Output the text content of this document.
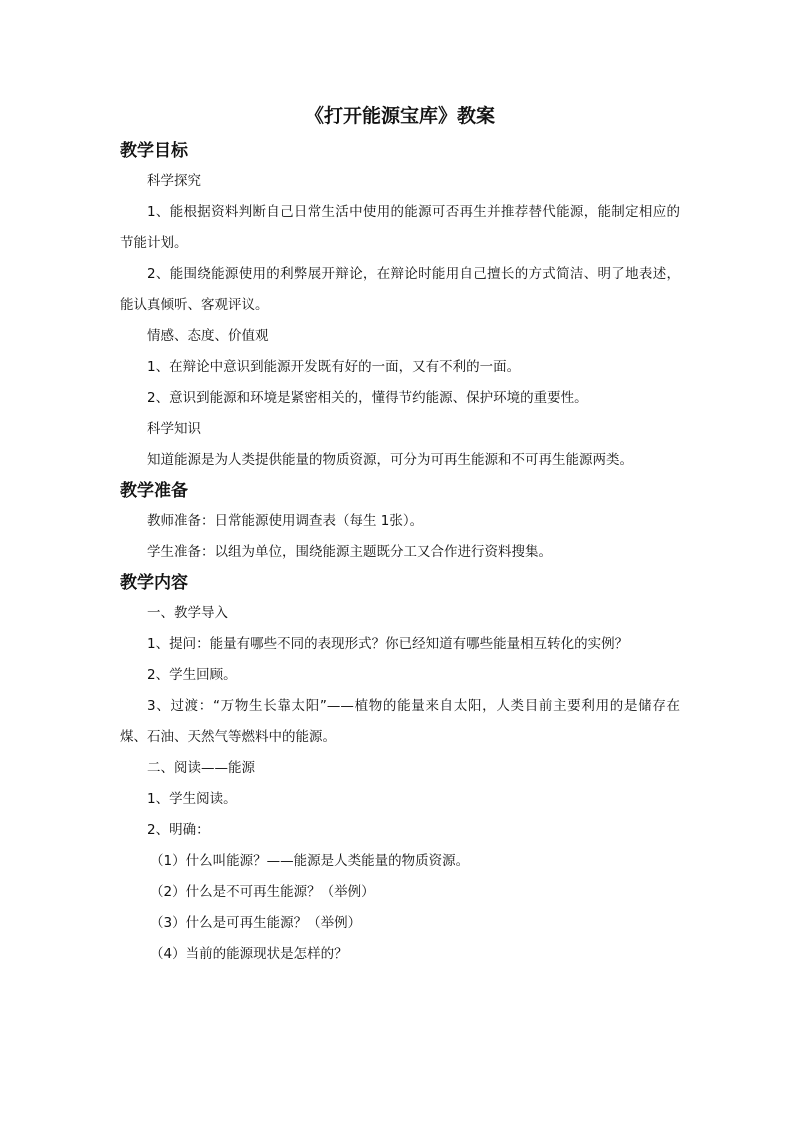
《打开能源宝库》教案
教学目标

科学探究

1、能根据资料判断自己日常生活中使用的能源可否再生并推荐替代能源，能制定相应的节能计划。

2、能围绕能源使用的利弊展开辩论，在辩论时能用自己擅长的方式简洁、明了地表述，能认真倾听、客观评议。

情感、态度、价值观

1、在辩论中意识到能源开发既有好的一面，又有不利的一面。

2、意识到能源和环境是紧密相关的，懂得节约能源、保护环境的重要性。

科学知识

知道能源是为人类提供能量的物质资源，可分为可再生能源和不可再生能源两类。

教学准备

教师准备：日常能源使用调查表（每生 1张）。

学生准备：以组为单位，围绕能源主题既分工又合作进行资料搜集。

教学内容

一、教学导入

1、提问：能量有哪些不同的表现形式？你已经知道有哪些能量相互转化的实例？

2、学生回顾。

3、过渡：“万物生长靠太阳”——植物的能量来自太阳，人类目前主要利用的是储存在煤、石油、天然气等燃料中的能源。

二、阅读——能源

1、学生阅读。

2、明确：

（1）什么叫能源？——能源是人类能量的物质资源。

（2）什么是不可再生能源？（举例）

（3）什么是可再生能源？（举例）

（4）当前的能源现状是怎样的？
